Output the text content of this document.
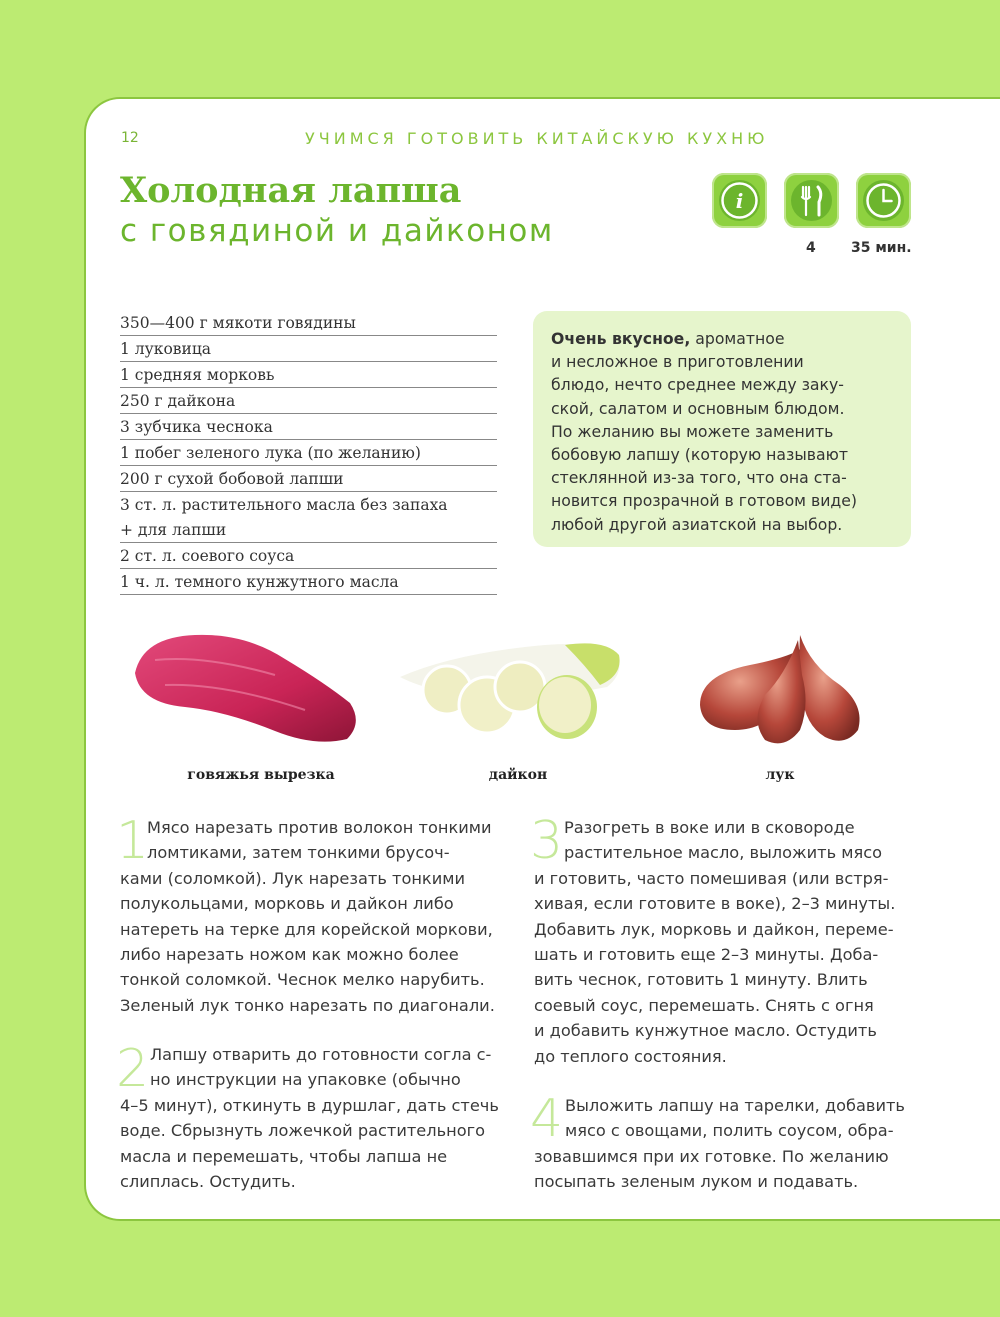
12	УЧИМСЯ ГОТОВИТЬ КИТАЙСКУЮ КУХНЮ
Холодная лапша
с говядиной и дайконом
i
4	35 мин.
350—400 г мякоти говядины
1 луковица
1 средняя морковь
250 г дайкона
3 зубчика чеснока
1 побег зеленого лука (по желанию)
200 г сухой бобовой лапши
3 ст. л. растительного масла без запаха
+ для лапши
2 ст. л. соевого соуса
1 ч. л. темного кунжутного масла
Очень вкусное, ароматное
и несложное в приготовлении
блюдо, нечто среднее между заку-
ской, салатом и основным блюдом.
По желанию вы можете заменить
бобовую лапшу (которую называют
стеклянной из-за того, что она ста-
новится прозрачной в готовом виде)
любой другой азиатской на выбор.
говяжья вырезка	дайкон	лук
1

Мясо нарезать против волокон тонкими

ломтиками, затем тонкими брусоч-

ками (соломкой). Лук нарезать тонкими

полукольцами, морковь и дайкон либо

натереть на терке для корейской моркови,

либо нарезать ножом как можно более

тонкой соломкой. Чеснок мелко нарубить.

Зеленый лук тонко нарезать по диагонали.

2 Лапшу отварить до готовности согла с-

но инструкции на упаковке (обычно

4–5 минут), откинуть в дуршлаг, дать стечь

воде. Сбрызнуть ложечкой растительного

масла и перемешать, чтобы лапша не

слиплась. Остудить.

3 Разогреть в воке или в сковороде

растительное масло, выложить мясо

и готовить, часто помешивая (или встря-

хивая, если готовите в воке), 2–3 минуты.

Добавить лук, морковь и дайкон, переме-

шать и готовить еще 2–3 минуты. Доба-

вить чеснок, готовить 1 минуту. Влить

соевый соус, перемешать. Снять с огня

и добавить кунжутное масло. Остудить

до теплого состояния.

4 Выложить лапшу на тарелки, добавить

мясо с овощами, полить соусом, обра-

зовавшимся при их готовке. По желанию

посыпать зеленым луком и подавать.
